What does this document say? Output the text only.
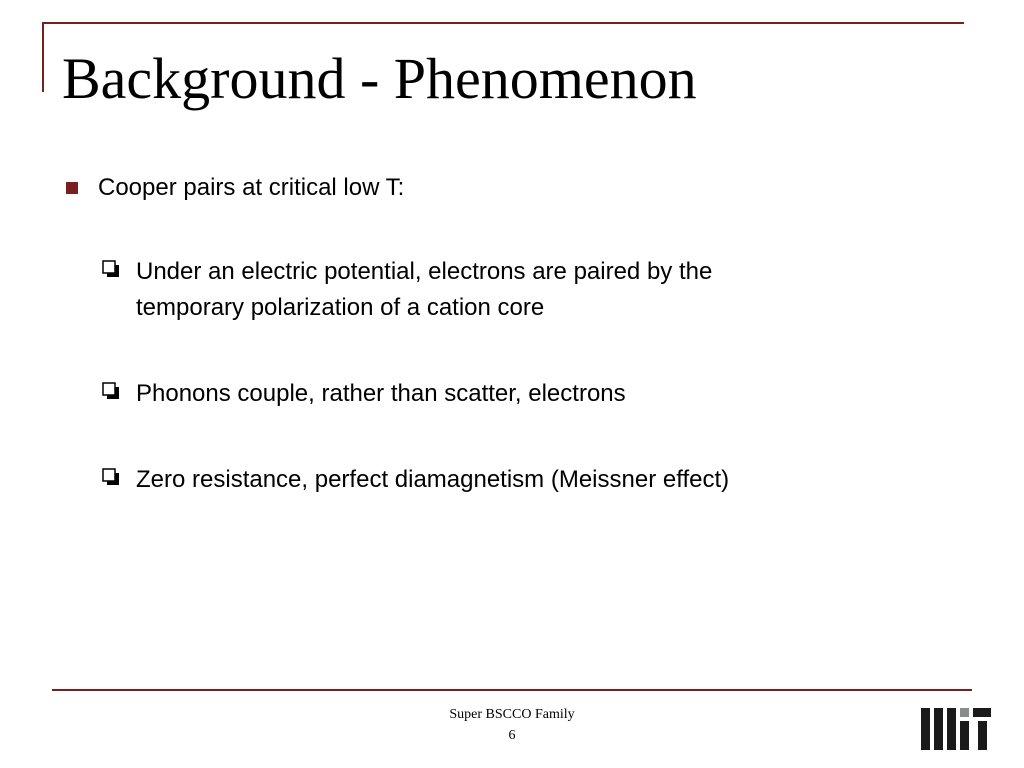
Background - Phenomenon
Cooper pairs at critical low T:
Under an electric potential, electrons are paired by the
temporary polarization of a cation core
Phonons couple, rather than scatter, electrons
Zero resistance, perfect diamagnetism (Meissner effect)
Super BSCCO Family
6
